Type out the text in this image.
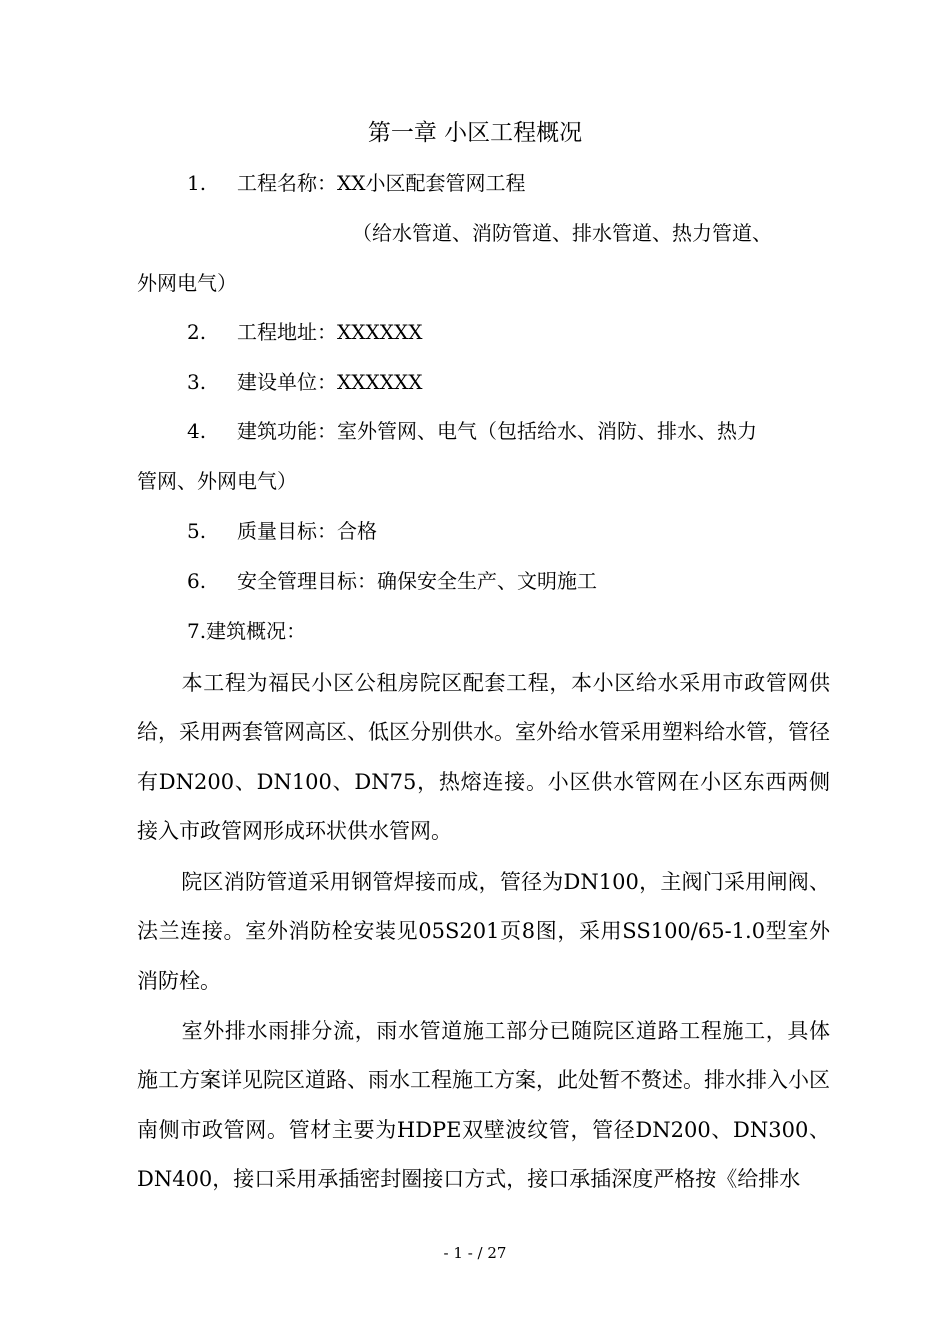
第一章 小区工程概况
1. 工程名称：XX小区配套管网工程
（给水管道、消防管道、排水管道、热力管道、
外网电气）
2. 工程地址：XXXXXX
3. 建设单位：XXXXXX
4. 建筑功能：室外管网、电气（包括给水、消防、排水、热力
管网、外网电气）
5. 质量目标：合格
6. 安全管理目标：确保安全生产、文明施工
7.建筑概况：
本工程为福民小区公租房院区配套工程，本小区给水采用市政管网供给，采用两套管网高区、低区分别供水。室外给水管采用塑料给水管，管径有DN200、DN100、DN75，热熔连接。小区供水管网在小区东西两侧接入市政管网形成环状供水管网。
院区消防管道采用钢管焊接而成，管径为DN100，主阀门采用闸阀、法兰连接。室外消防栓安装见05S201页8图，采用SS100/65-1.0型室外消防栓。
室外排水雨排分流，雨水管道施工部分已随院区道路工程施工，具体施工方案详见院区道路、雨水工程施工方案，此处暂不赘述。排水排入小区南侧市政管网。管材主要为HDPE双壁波纹管，管径DN200、DN300、DN400，接口采用承插密封圈接口方式，接口承插深度严格按《给排水
- 1 - / 27
